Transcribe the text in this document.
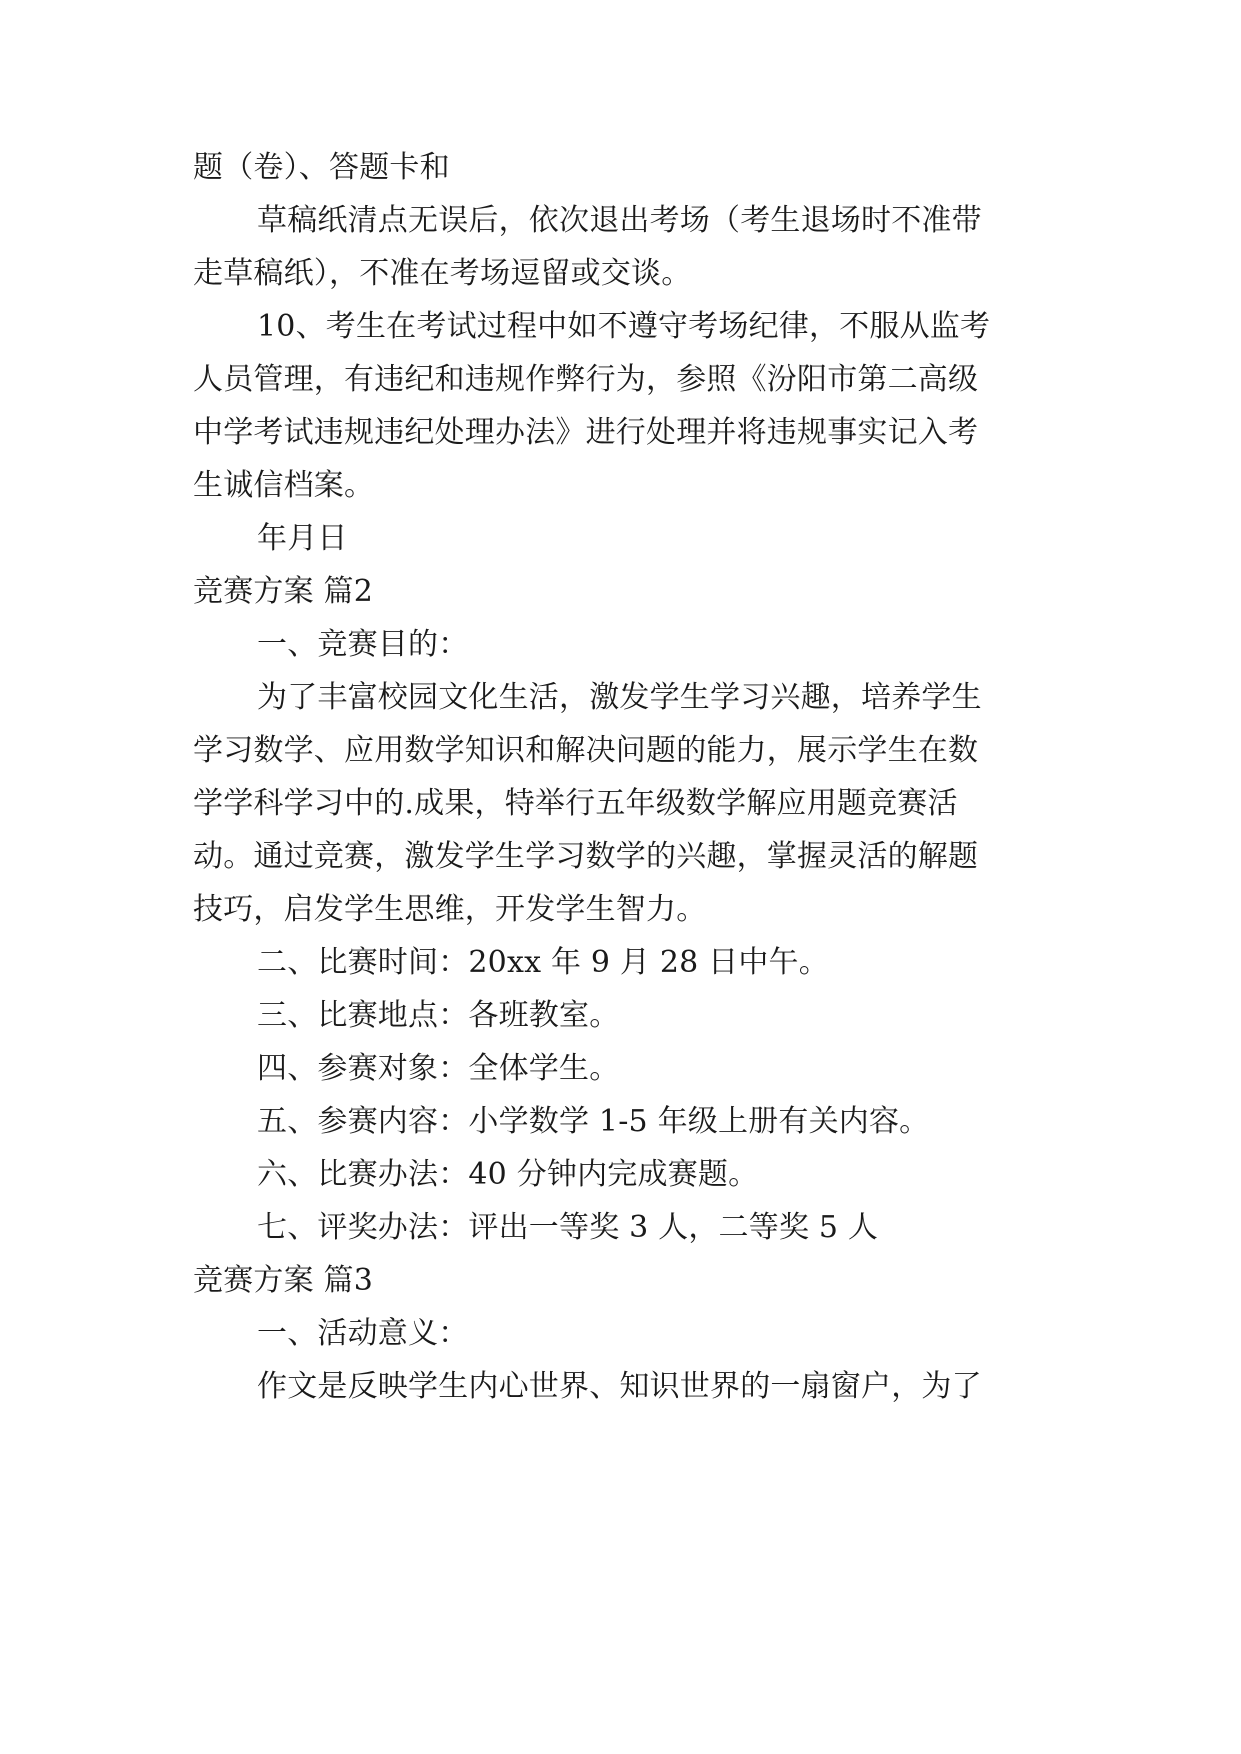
题（卷）、答题卡和
草稿纸清点无误后，依次退出考场（考生退场时不准带
走草稿纸），不准在考场逗留或交谈。
10、考生在考试过程中如不遵守考场纪律，不服从监考
人员管理，有违纪和违规作弊行为，参照《汾阳市第二高级
中学考试违规违纪处理办法》进行处理并将违规事实记入考
生诚信档案。
年月日
竞赛方案 篇2
一、竞赛目的：
为了丰富校园文化生活，激发学生学习兴趣，培养学生
学习数学、应用数学知识和解决问题的能力，展示学生在数
学学科学习中的.成果，特举行五年级数学解应用题竞赛活
动。通过竞赛，激发学生学习数学的兴趣，掌握灵活的解题
技巧，启发学生思维，开发学生智力。
二、比赛时间：20xx 年 9 月 28 日中午。
三、比赛地点：各班教室。
四、参赛对象：全体学生。
五、参赛内容：小学数学 1-5 年级上册有关内容。
六、比赛办法：40 分钟内完成赛题。
七、评奖办法：评出一等奖 3 人，二等奖 5 人
竞赛方案 篇3
一、活动意义：
作文是反映学生内心世界、知识世界的一扇窗户，为了
